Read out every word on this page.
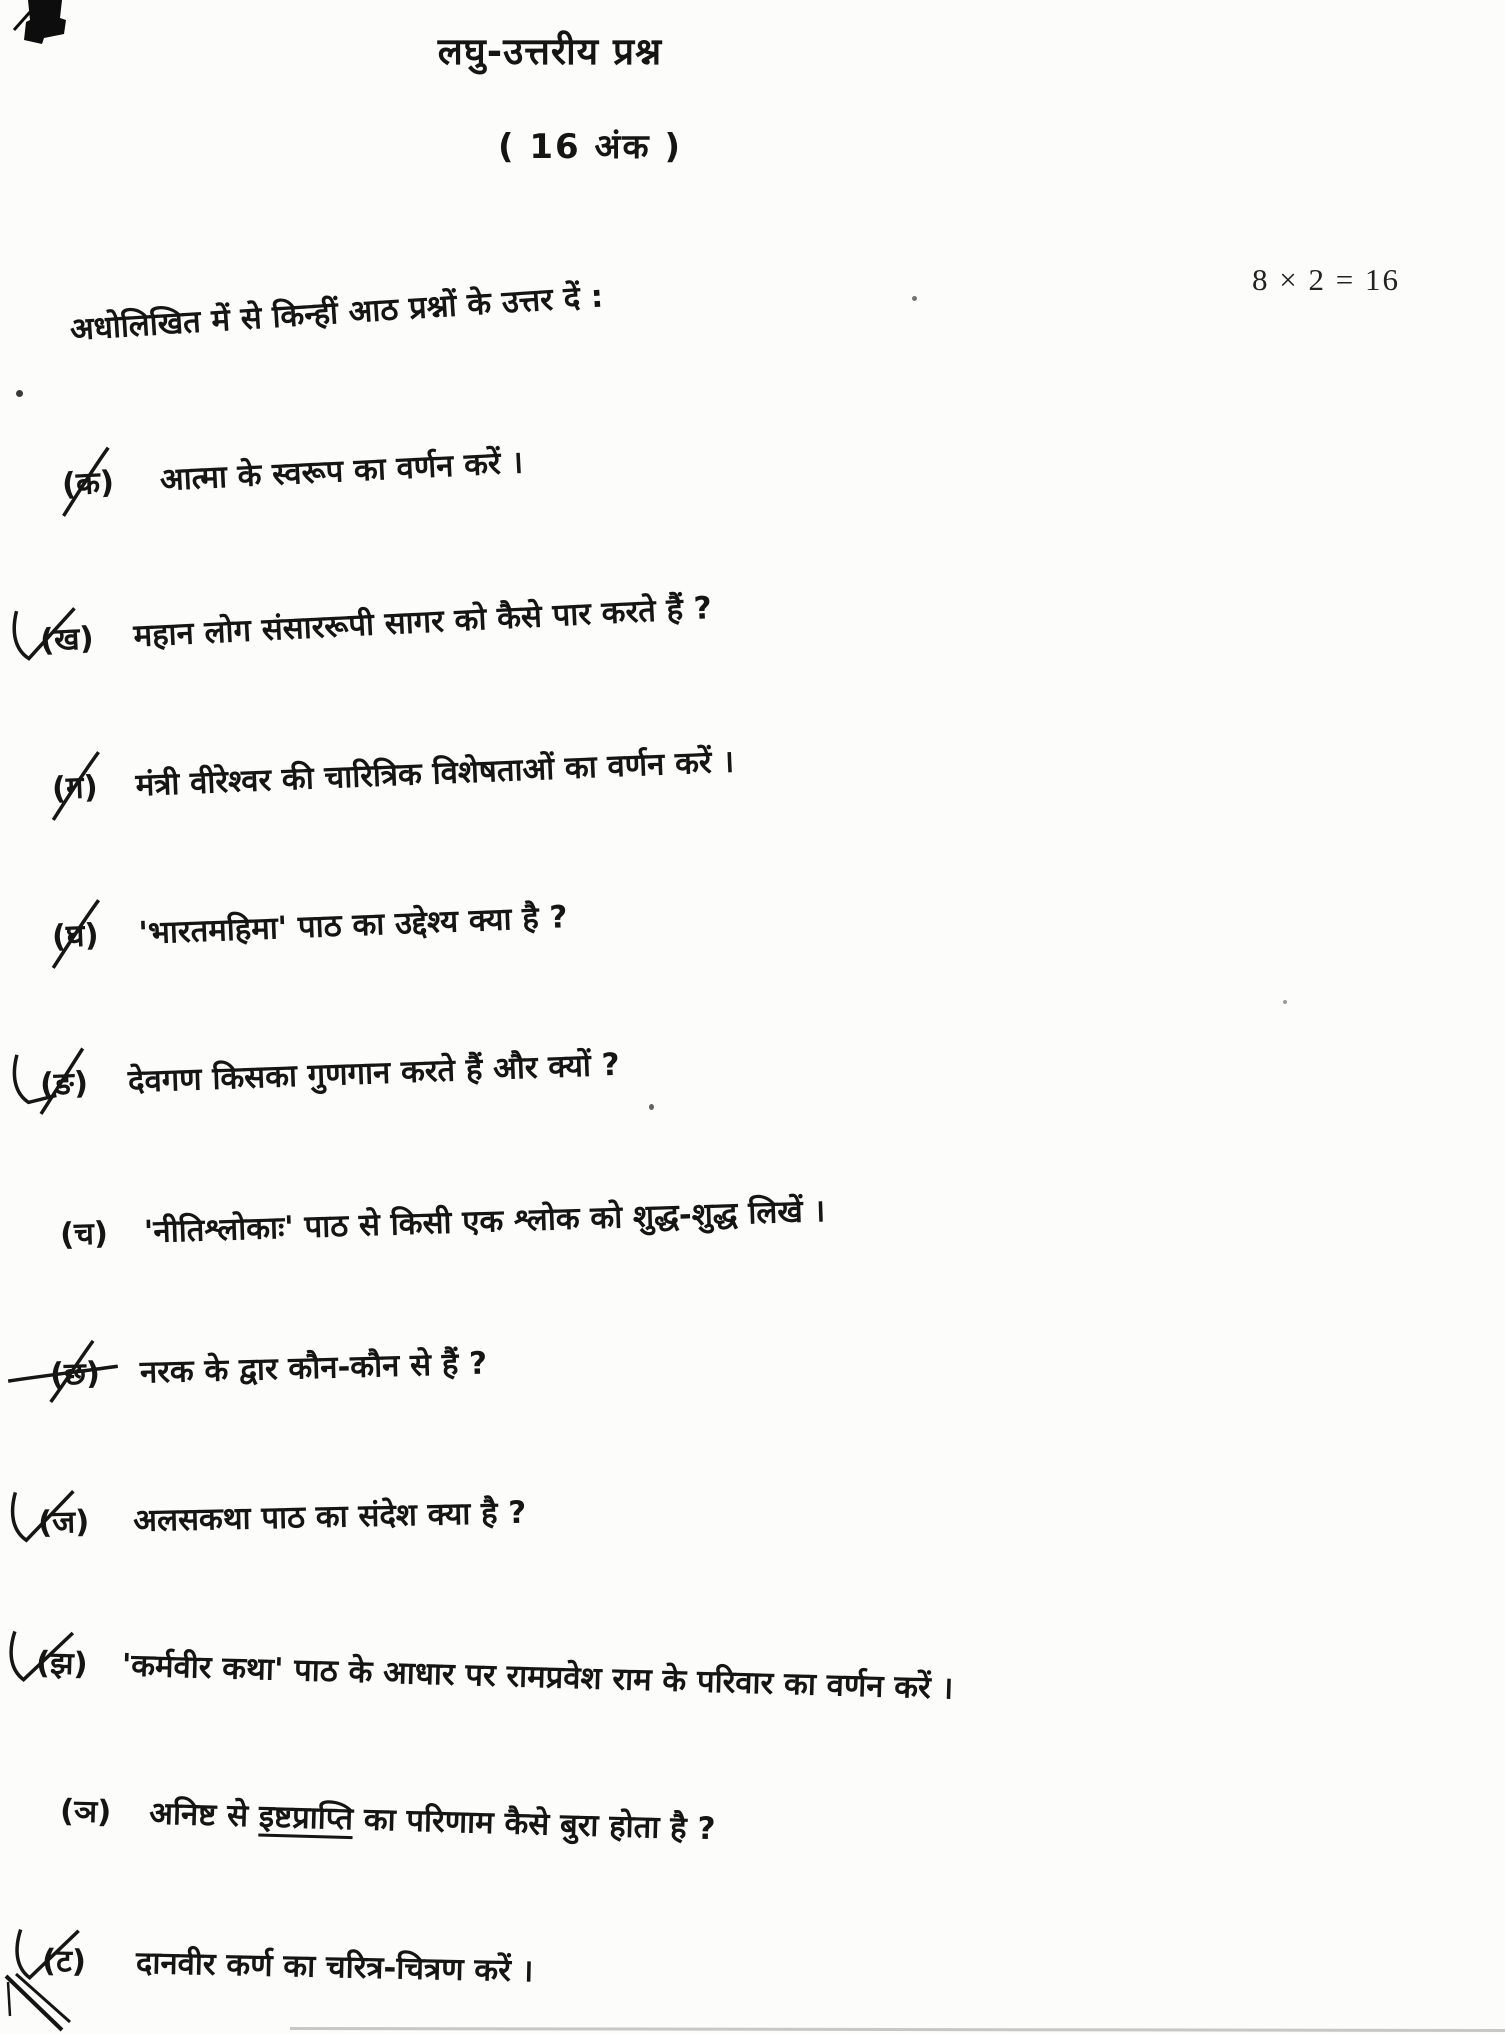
लघु-उत्तरीय प्रश्न
( 16 अंक )
8 × 2 = 16
अधोलिखित में से किन्हीं आठ प्रश्नों के उत्तर दें :
(क) आत्मा के स्वरूप का वर्णन करें ।
(ख) महान लोग संसाररूपी सागर को कैसे पार करते हैं ?
(ग) मंत्री वीरेश्वर की चारित्रिक विशेषताओं का वर्णन करें ।
(घ) 'भारतमहिमा' पाठ का उद्देश्य क्या है ?
(ङ) देवगण किसका गुणगान करते हैं और क्यों ?
(च) 'नीतिश्लोकाः' पाठ से किसी एक श्लोक को शुद्ध-शुद्ध लिखें ।
(छ) नरक के द्वार कौन-कौन से हैं ?
(ज) अलसकथा पाठ का संदेश क्या है ?
(झ) 'कर्मवीर कथा' पाठ के आधार पर रामप्रवेश राम के परिवार का वर्णन करें ।
(ञ) अनिष्ट से इष्टप्राप्ति का परिणाम कैसे बुरा होता है ?
(ट) दानवीर कर्ण का चरित्र-चित्रण करें ।
